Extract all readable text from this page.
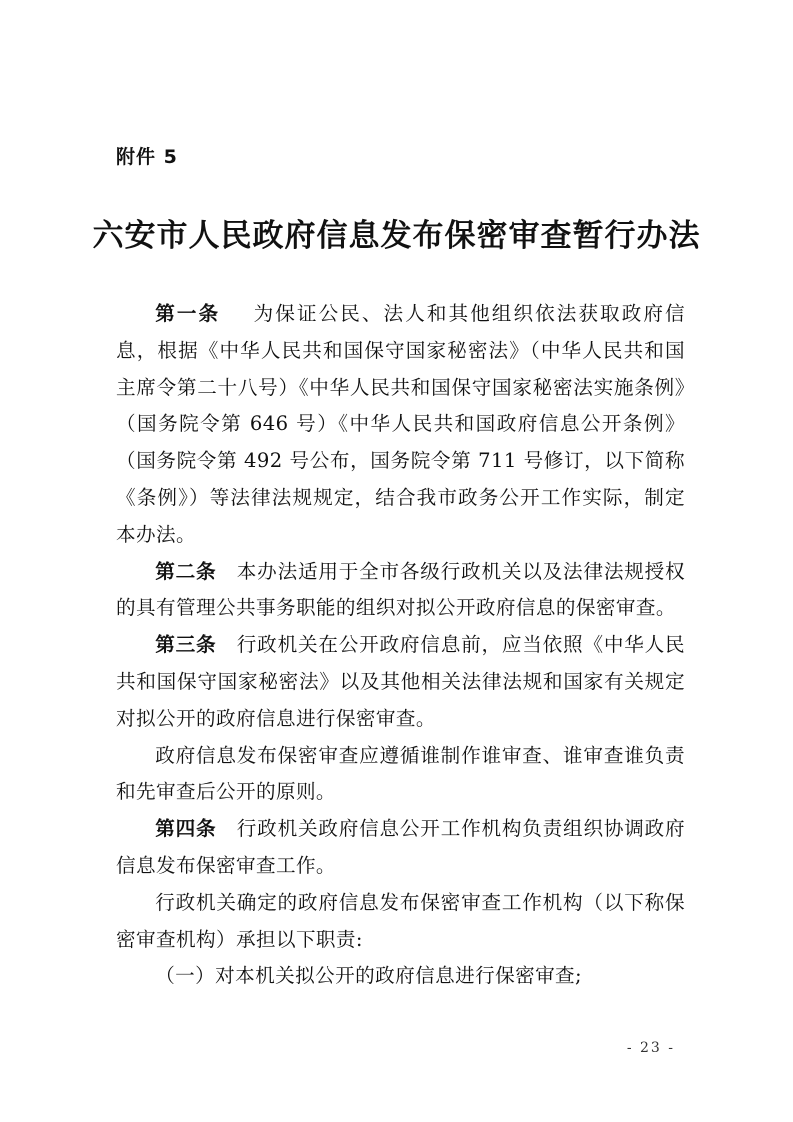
附件 5
六安市人民政府信息发布保密审查暂行办法

第一条　  为保证公民、法人和其他组织依法获取政府信息，根据《中华人民共和国保守国家秘密法》（中华人民共和国主席令第二十八号）《中华人民共和国保守国家秘密法实施条例》（国务院令第 646 号）《中华人民共和国政府信息公开条例》（国务院令第 492 号公布，国务院令第 711 号修订，以下简称《条例》）等法律法规规定，结合我市政务公开工作实际，制定本办法。

第二条　 本办法适用于全市各级行政机关以及法律法规授权的具有管理公共事务职能的组织对拟公开政府信息的保密审查。

第三条　 行政机关在公开政府信息前，应当依照《中华人民共和国保守国家秘密法》以及其他相关法律法规和国家有关规定对拟公开的政府信息进行保密审查。

政府信息发布保密审查应遵循谁制作谁审查、谁审查谁负责和先审查后公开的原则。

第四条　 行政机关政府信息公开工作机构负责组织协调政府信息发布保密审查工作。

行政机关确定的政府信息发布保密审查工作机构（以下称保密审查机构）承担以下职责:

（一）对本机关拟公开的政府信息进行保密审查;

- 23 -
